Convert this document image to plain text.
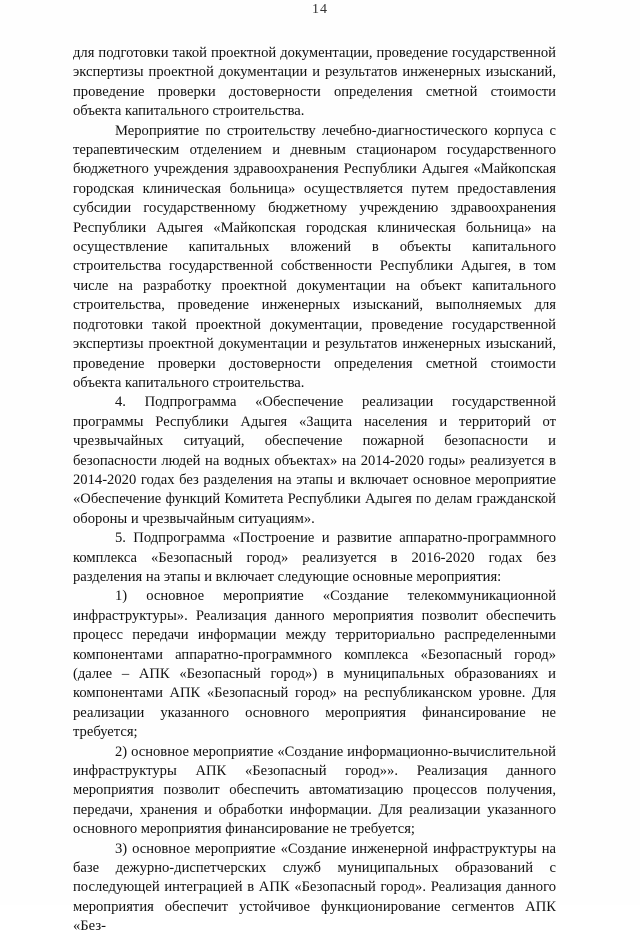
14

для подготовки такой проектной документации, проведение государственной экспертизы проектной документации и результатов инженерных изысканий, проведение проверки достоверности определения сметной стоимости объекта капитального строительства.

Мероприятие по строительству лечебно-диагностического корпуса с терапевтическим отделением и дневным стационаром государственного бюджетного учреждения здравоохранения Республики Адыгея «Майкопская городская клиническая больница» осуществляется путем предоставления субсидии государственному бюджетному учреждению здравоохранения Республики Адыгея «Майкопская городская клиническая больница» на осуществление капитальных вложений в объекты капитального строительства государственной собственности Республики Адыгея, в том числе на разработку проектной документации на объект капитального строительства, проведение инженерных изысканий, выполняемых для подготовки такой проектной документации, проведение государственной экспертизы проектной документации и результатов инженерных изысканий, проведение проверки достоверности определения сметной стоимости объекта капитального строительства.

4. Подпрограмма «Обеспечение реализации государственной программы Республики Адыгея «Защита населения и территорий от чрезвычайных ситуаций, обеспечение пожарной безопасности и безопасности людей на водных объектах» на 2014-2020 годы» реализуется в 2014-2020 годах без разделения на этапы и включает основное мероприятие «Обеспечение функций Комитета Республики Адыгея по делам гражданской обороны и чрезвычайным ситуациям».

5. Подпрограмма «Построение и развитие аппаратно-программного комплекса «Безопасный город» реализуется в 2016-2020 годах без разделения на этапы и включает следующие основные мероприятия:

1) основное мероприятие «Создание телекоммуникационной инфраструктуры». Реализация данного мероприятия позволит обеспечить процесс передачи информации между территориально распределенными компонентами аппаратно-программного комплекса «Безопасный город» (далее – АПК «Безопасный город») в муниципальных образованиях и компонентами АПК «Безопасный город» на республиканском уровне. Для реализации указанного основного мероприятия финансирование не требуется;

2) основное мероприятие «Создание информационно-вычислительной инфраструктуры АПК «Безопасный город»». Реализация данного мероприятия позволит обеспечить автоматизацию процессов получения, передачи, хранения и обработки информации. Для реализации указанного основного мероприятия финансирование не требуется;

3) основное мероприятие «Создание инженерной инфраструктуры на базе дежурно-диспетчерских служб муниципальных образований с последующей интеграцией в АПК «Безопасный город». Реализация данного мероприятия обеспечит устойчивое функционирование сегментов АПК «Без-
